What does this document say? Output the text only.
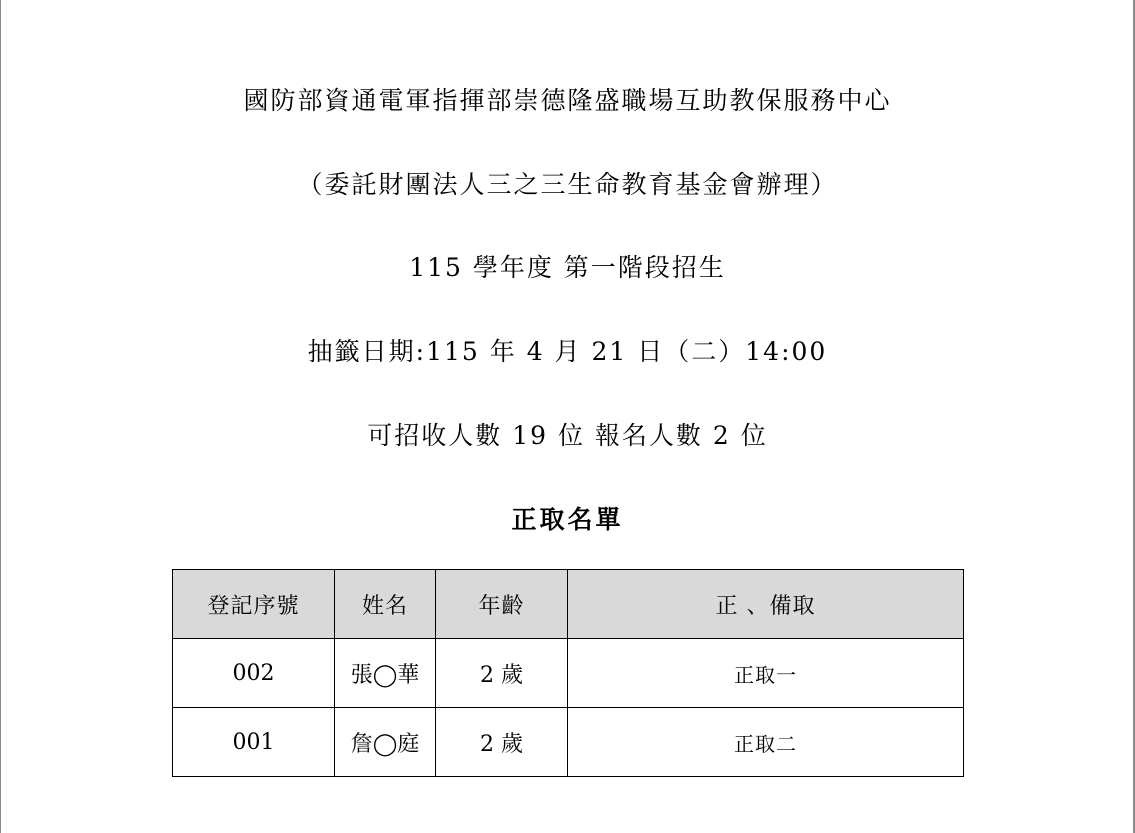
國防部資通電軍指揮部崇德隆盛職場互助教保服務中心
（委託財團法人三之三生命教育基金會辦理）
115 學年度 第一階段招生
抽籤日期:115 年 4 月 21 日（二）14:00
可招收人數 19 位 報名人數 2 位
正取名單
登記序號	姓名	年齡	正 、備取
002	張◯華	2 歲	正取一
001	詹◯庭	2 歲	正取二
